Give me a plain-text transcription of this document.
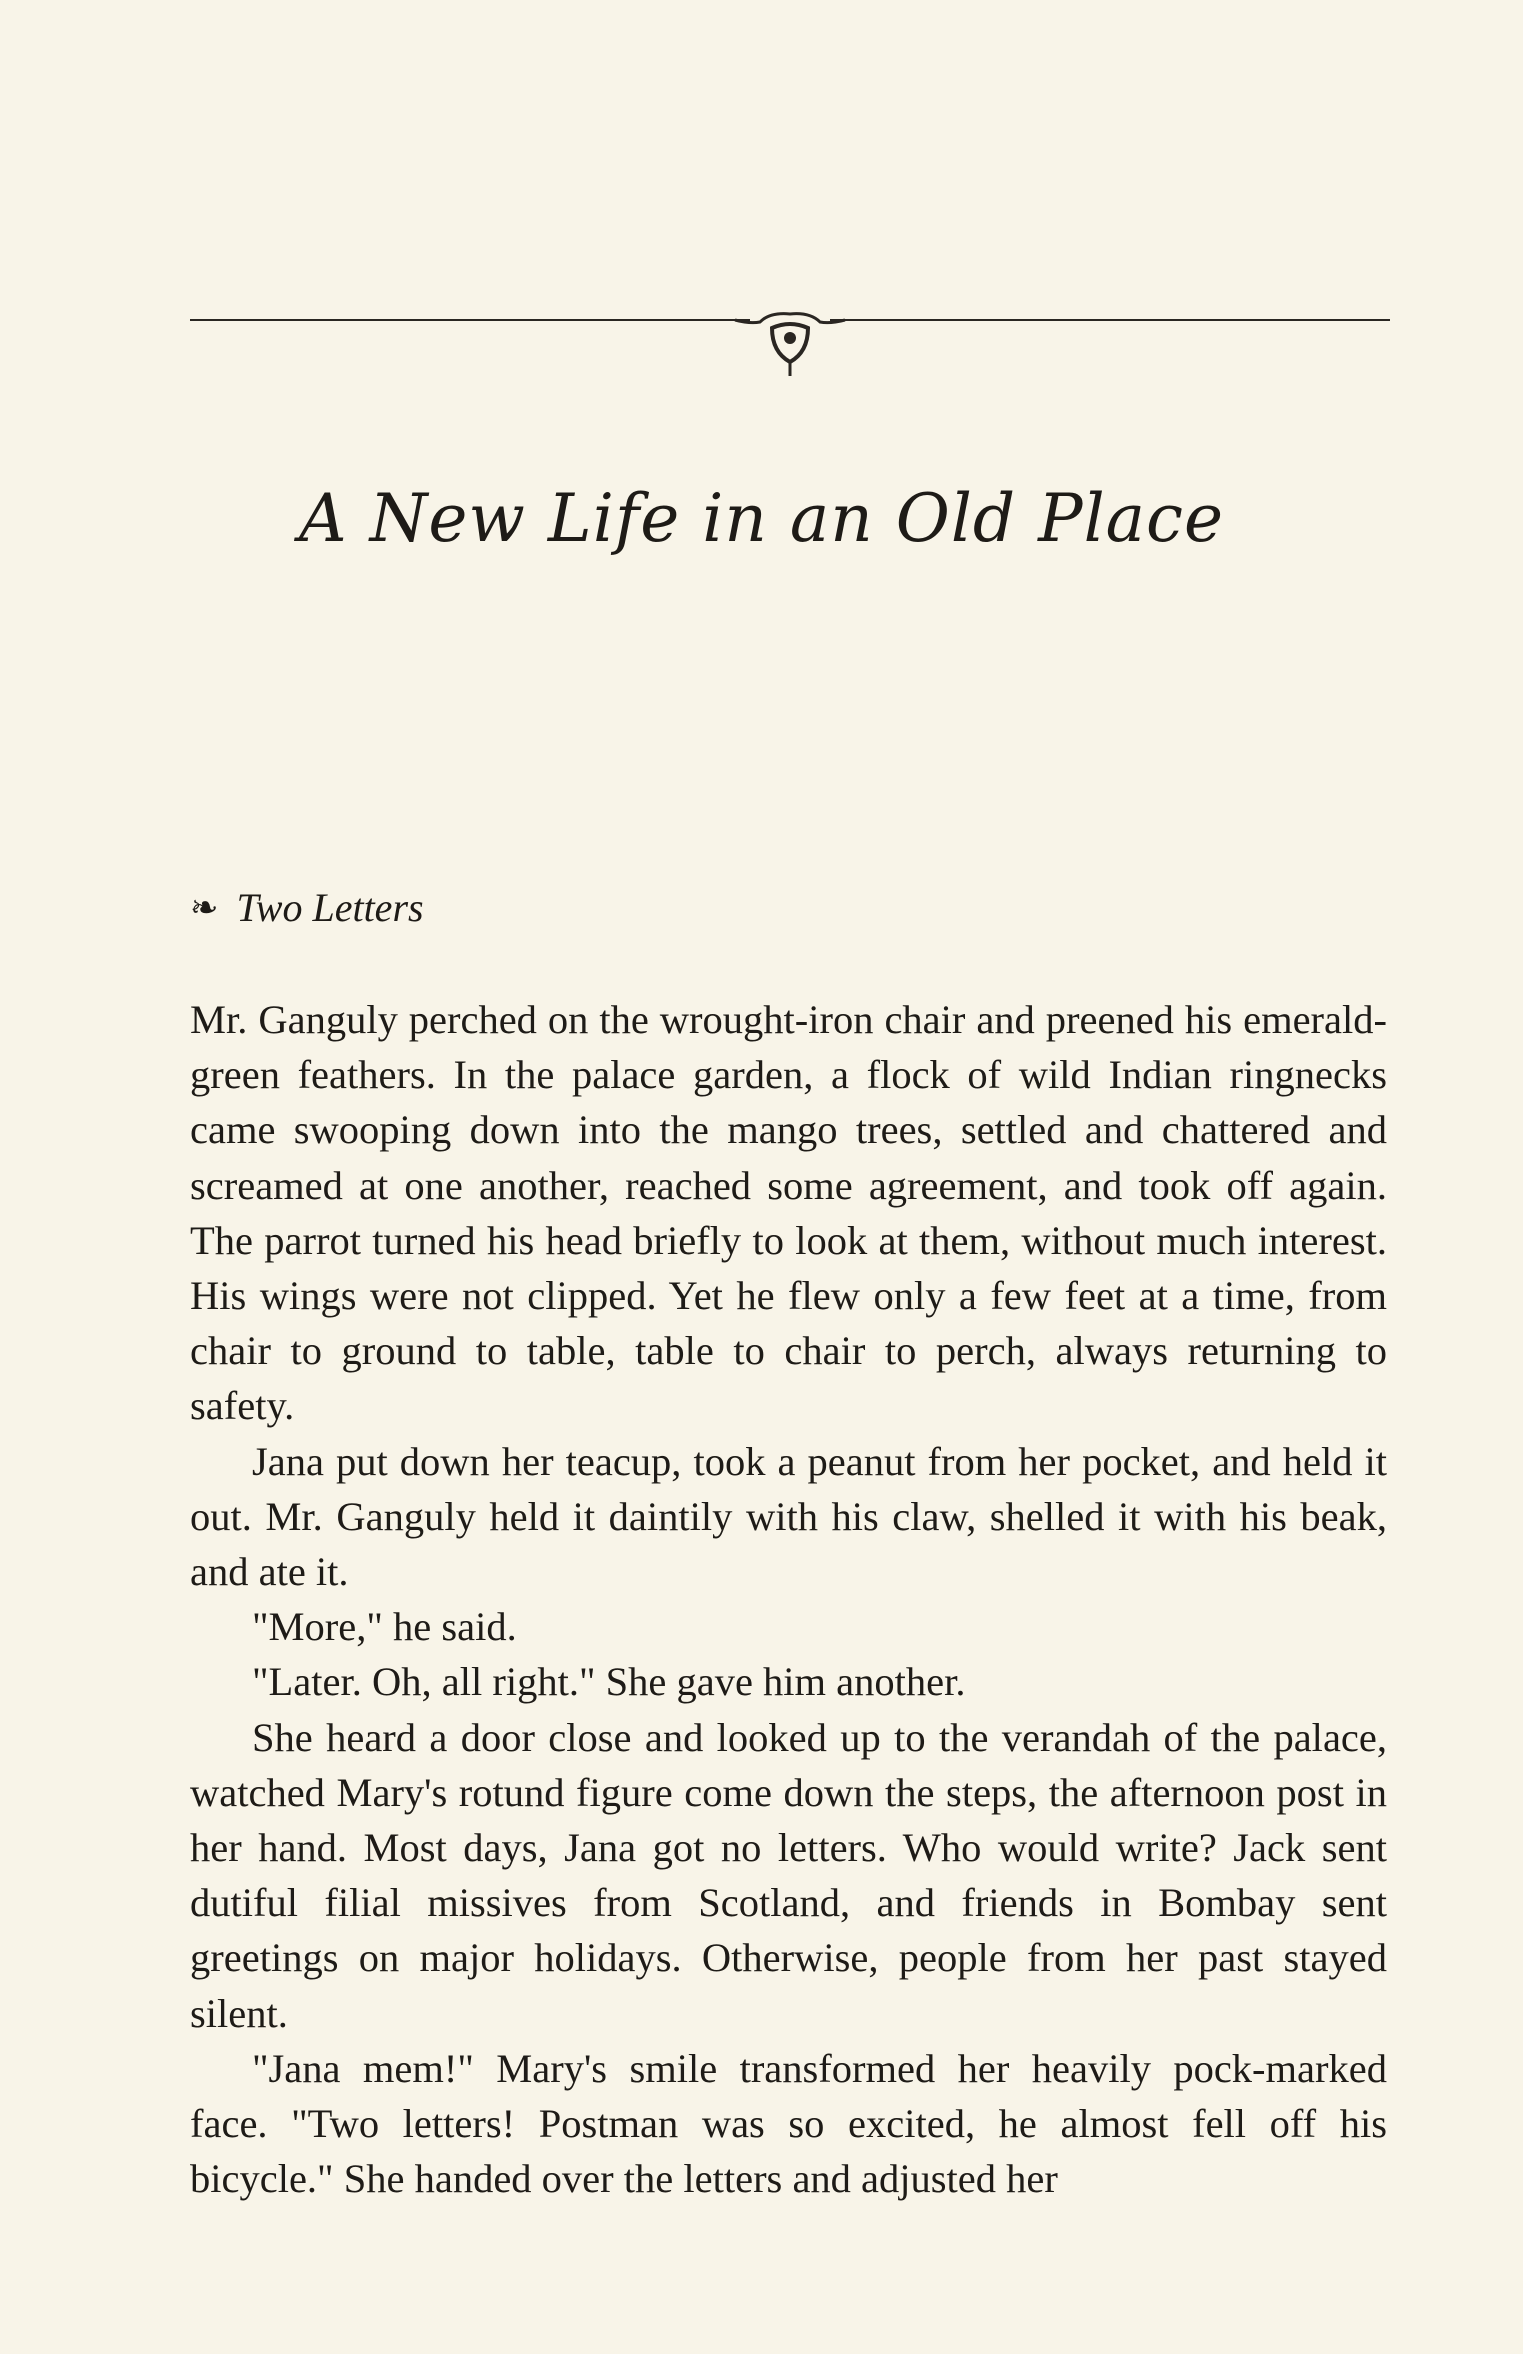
A New Life in an Old Place
❧ Two Letters

Mr. Ganguly perched on the wrought-iron chair and preened his emerald-green feathers. In the palace garden, a flock of wild Indian ringnecks came swooping down into the mango trees, settled and chattered and screamed at one another, reached some agreement, and took off again. The parrot turned his head briefly to look at them, without much interest. His wings were not clipped. Yet he flew only a few feet at a time, from chair to ground to table, table to chair to perch, always returning to safety.

Jana put down her teacup, took a peanut from her pocket, and held it out. Mr. Ganguly held it daintily with his claw, shelled it with his beak, and ate it.

"More," he said.

"Later. Oh, all right." She gave him another.

She heard a door close and looked up to the verandah of the palace, watched Mary's rotund figure come down the steps, the afternoon post in her hand. Most days, Jana got no letters. Who would write? Jack sent dutiful filial missives from Scotland, and friends in Bombay sent greetings on major holidays. Otherwise, people from her past stayed silent.

"Jana mem!" Mary's smile transformed her heavily pock-marked face. "Two letters! Postman was so excited, he almost fell off his bicycle." She handed over the letters and adjusted her
